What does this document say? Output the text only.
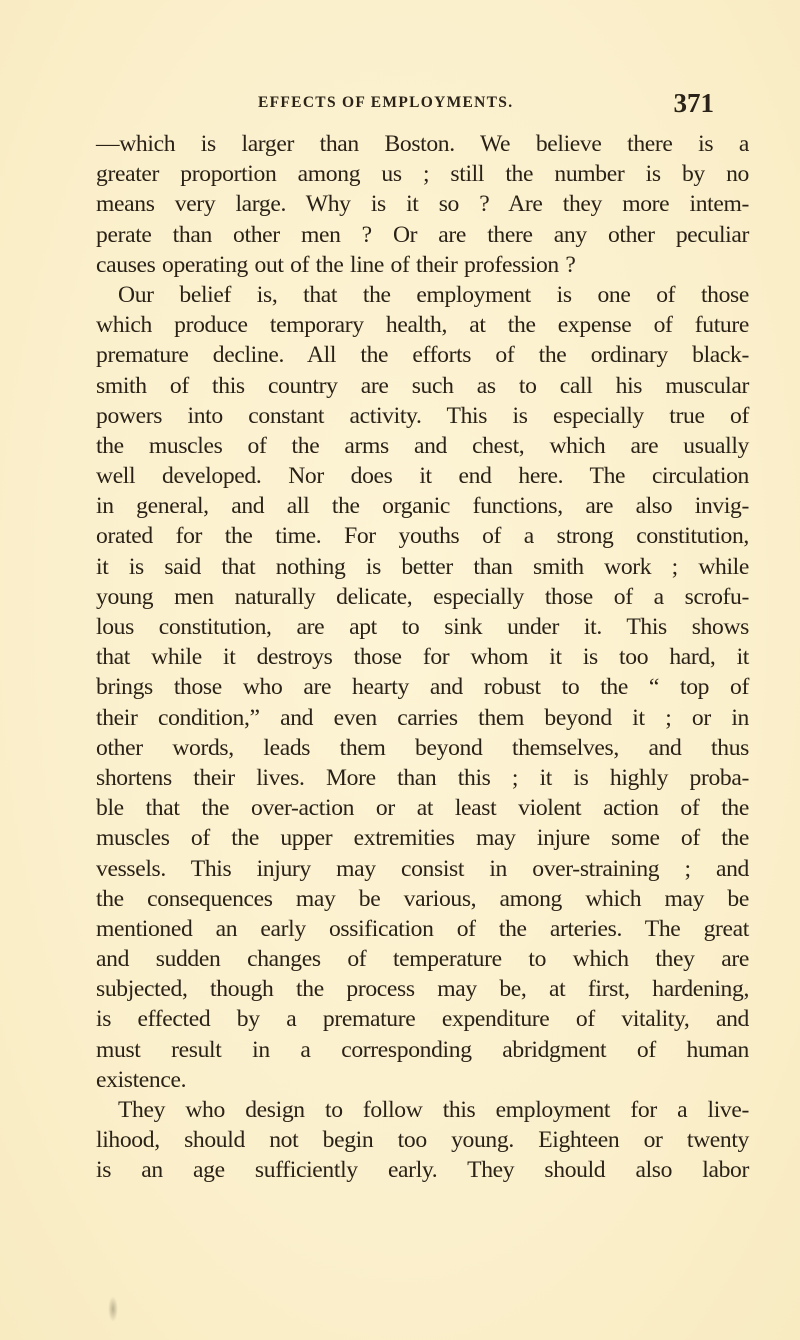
EFFECTS OF EMPLOYMENTS.	371
—which is larger than Boston. We believe there is a
greater proportion among us ; still the number is by no
means very large. Why is it so ? Are they more intem-
perate than other men ? Or are there any other peculiar
causes operating out of the line of their profession ?
Our belief is, that the employment is one of those
which produce temporary health, at the expense of future
premature decline. All the efforts of the ordinary black-
smith of this country are such as to call his muscular
powers into constant activity. This is especially true of
the muscles of the arms and chest, which are usually
well developed. Nor does it end here. The circulation
in general, and all the organic functions, are also invig-
orated for the time. For youths of a strong constitution,
it is said that nothing is better than smith work ; while
young men naturally delicate, especially those of a scrofu-
lous constitution, are apt to sink under it. This shows
that while it destroys those for whom it is too hard, it
brings those who are hearty and robust to the “ top of
their condition,” and even carries them beyond it ; or in
other words, leads them beyond themselves, and thus
shortens their lives. More than this ; it is highly proba-
ble that the over-action or at least violent action of the
muscles of the upper extremities may injure some of the
vessels. This injury may consist in over-straining ; and
the consequences may be various, among which may be
mentioned an early ossification of the arteries. The great
and sudden changes of temperature to which they are
subjected, though the process may be, at first, hardening,
is effected by a premature expenditure of vitality, and
must result in a corresponding abridgment of human
existence.
They who design to follow this employment for a live-
lihood, should not begin too young. Eighteen or twenty
is an age sufficiently early. They should also labor
